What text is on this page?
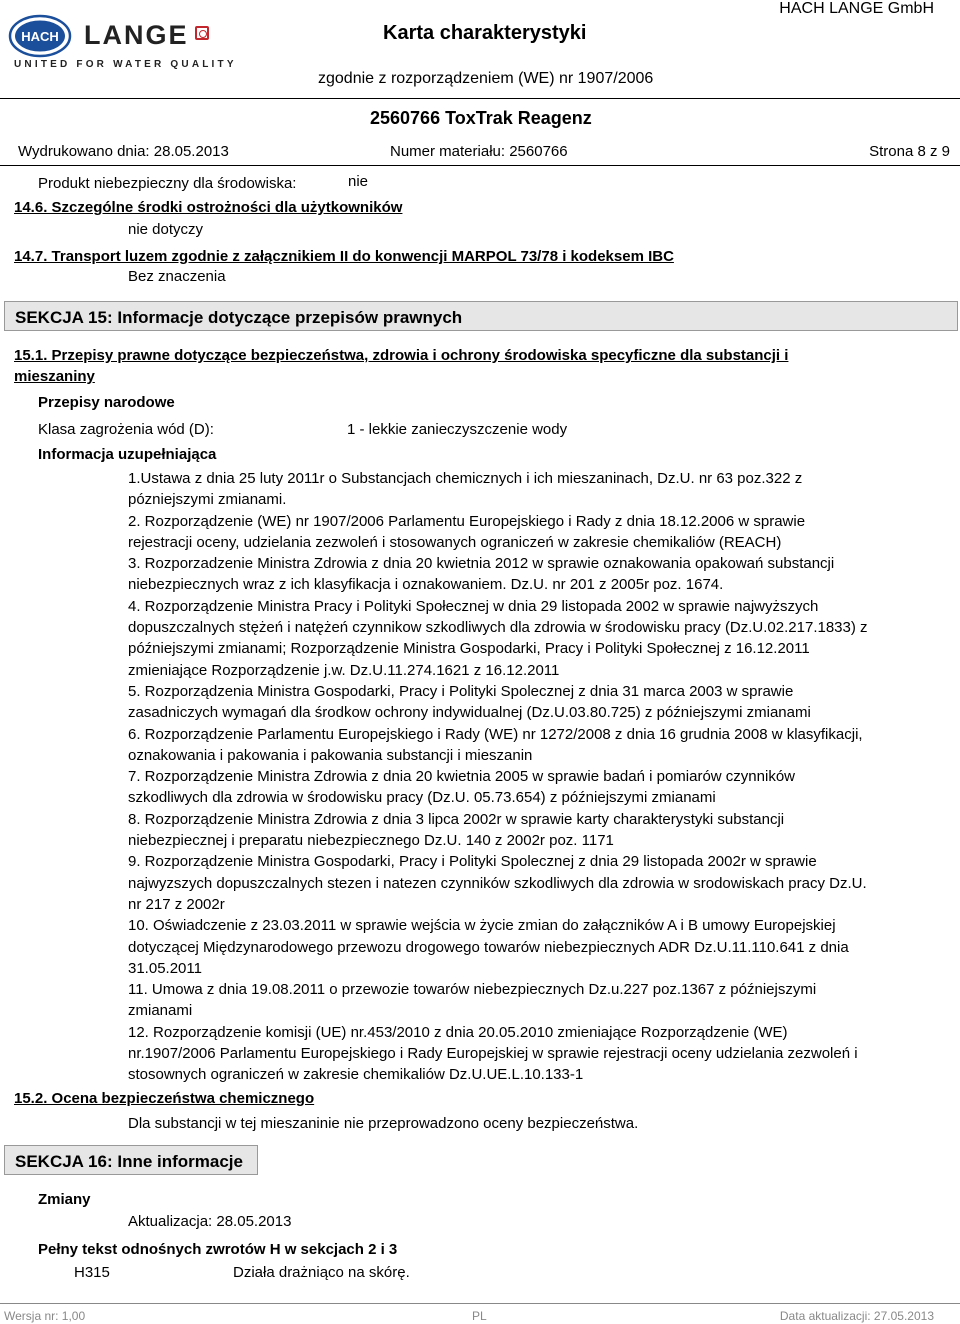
HACH LANGE
UNITED FOR WATER QUALITY
Karta charakterystyki
HACH LANGE GmbH
zgodnie z rozporządzeniem (WE) nr 1907/2006
2560766 ToxTrak Reagenz
Wydrukowano dnia: 28.05.2013	Numer materiału: 2560766	Strona 8 z 9
Produkt niebezpieczny dla środowiska:	nie
14.6. Szczególne środki ostrożności dla użytkowników
nie dotyczy
14.7. Transport luzem zgodnie z załącznikiem II do konwencji MARPOL 73/78 i kodeksem IBC
Bez znaczenia
SEKCJA 15: Informacje dotyczące przepisów prawnych
15.1. Przepisy prawne dotyczące bezpieczeństwa, zdrowia i ochrony środowiska specyficzne dla substancji i
mieszaniny
Przepisy narodowe
Klasa zagrożenia wód (D):	1 - lekkie zanieczyszczenie wody
Informacja uzupełniająca

1.Ustawa z dnia 25 luty 2011r o Substancjach chemicznych i ich mieszaninach, Dz.U. nr 63 poz.322 z pózniejszymi zmianami.

2. Rozporządzenie (WE) nr 1907/2006 Parlamentu Europejskiego i Rady z dnia 18.12.2006 w sprawie rejestracji oceny, udzielania zezwoleń i stosowanych ograniczeń w zakresie chemikaliów (REACH)

3. Rozporzadzenie Ministra Zdrowia z dnia 20 kwietnia 2012 w sprawie oznakowania opakowań substancji niebezpiecznych wraz z ich klasyfikacja i oznakowaniem. Dz.U. nr 201 z 2005r poz. 1674.

4. Rozporządzenie Ministra Pracy i Polityki Społecznej w dnia 29 listopada 2002 w sprawie najwyższych dopuszczalnych stężeń i natężeń czynnikow szkodliwych dla zdrowia w środowisku pracy (Dz.U.02.217.1833) z późniejszymi zmianami; Rozporządzenie Ministra Gospodarki, Pracy i Polityki Społecznej z 16.12.2011 zmieniające Rozporządzenie j.w. Dz.U.11.274.1621 z 16.12.2011

5. Rozporządzenia Ministra Gospodarki, Pracy i Polityki Spolecznej z dnia 31 marca 2003 w sprawie zasadniczych wymagań dla środkow ochrony indywidualnej (Dz.U.03.80.725) z późniejszymi zmianami

6. Rozporządzenie Parlamentu Europejskiego i Rady (WE) nr 1272/2008 z dnia 16 grudnia 2008 w klasyfikacji, oznakowania i pakowania i pakowania substancji i mieszanin

7. Rozporządzenie Ministra Zdrowia z dnia 20 kwietnia 2005 w sprawie badań i pomiarów czynników szkodliwych dla zdrowia w środowisku pracy (Dz.U. 05.73.654) z późniejszymi zmianami

8. Rozporządzenie Ministra Zdrowia z dnia 3 lipca 2002r w sprawie karty charakterystyki substancji niebezpiecznej i preparatu niebezpiecznego Dz.U. 140 z 2002r poz. 1171

9. Rozporządzenie Ministra Gospodarki, Pracy i Polityki Spolecznej z dnia 29 listopada 2002r w sprawie najwyzszych dopuszczalnych stezen i natezen czynników szkodliwych dla zdrowia w srodowiskach pracy Dz.U. nr 217 z 2002r

10. Oświadczenie z 23.03.2011 w sprawie wejścia w życie zmian do załączników A i B umowy Europejskiej dotyczącej Międzynarodowego przewozu drogowego towarów niebezpiecznych ADR Dz.U.11.110.641 z dnia 31.05.2011

11. Umowa z dnia 19.08.2011 o przewozie towarów niebezpiecznych Dz.u.227 poz.1367 z późniejszymi zmianami

12. Rozporządzenie komisji (UE) nr.453/2010 z dnia 20.05.2010 zmieniające Rozporządzenie (WE) nr.1907/2006 Parlamentu Europejskiego i Rady Europejskiej w sprawie rejestracji oceny udzielania zezwoleń i stosownych ograniczeń w zakresie chemikaliów Dz.U.UE.L.10.133-1

15.2. Ocena bezpieczeństwa chemicznego
Dla substancji w tej mieszaninie nie przeprowadzono oceny bezpieczeństwa.
SEKCJA 16: Inne informacje
Zmiany
Aktualizacja: 28.05.2013
Pełny tekst odnośnych zwrotów H w sekcjach 2 i 3
H315	Działa drażniąco na skórę.
Wersja nr: 1,00	PL	Data aktualizacji: 27.05.2013
